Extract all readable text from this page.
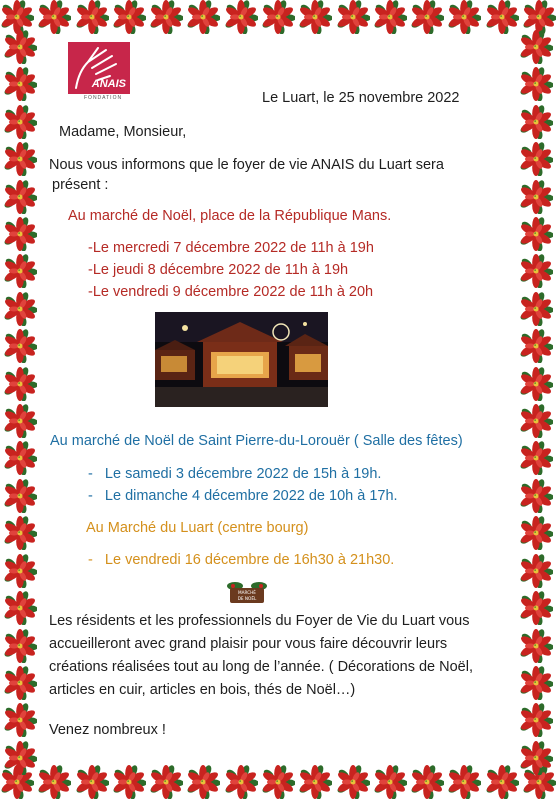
ANAIS
FONDATION	Le Luart, le 25 novembre 2022

Madame, Monsieur,

Nous vous informons que le foyer de vie ANAIS du Luart sera

présent :

Au marché de Noël, place de la République Mans.

-Le mercredi 7 décembre 2022 de 11h à 19h

-Le jeudi 8 décembre 2022 de 11h à 19h

-Le vendredi 9 décembre 2022 de 11h à 20h

Au marché de Noël de Saint Pierre-du-Lorouër ( Salle des fêtes)

-   Le samedi 3 décembre 2022 de 15h à 19h.

-   Le dimanche 4 décembre 2022 de 10h à 17h.

Au Marché du Luart (centre bourg)

-   Le vendredi 16 décembre de 16h30 à 21h30.

MARCHÉ
DE NOËL

Les résidents et les professionnels du Foyer de Vie du Luart vous

accueilleront avec grand plaisir pour vous faire découvrir leurs

créations réalisées tout au long de l’année. ( Décorations de Noël,

articles en cuir, articles en bois, thés de Noël…)

Venez nombreux !
